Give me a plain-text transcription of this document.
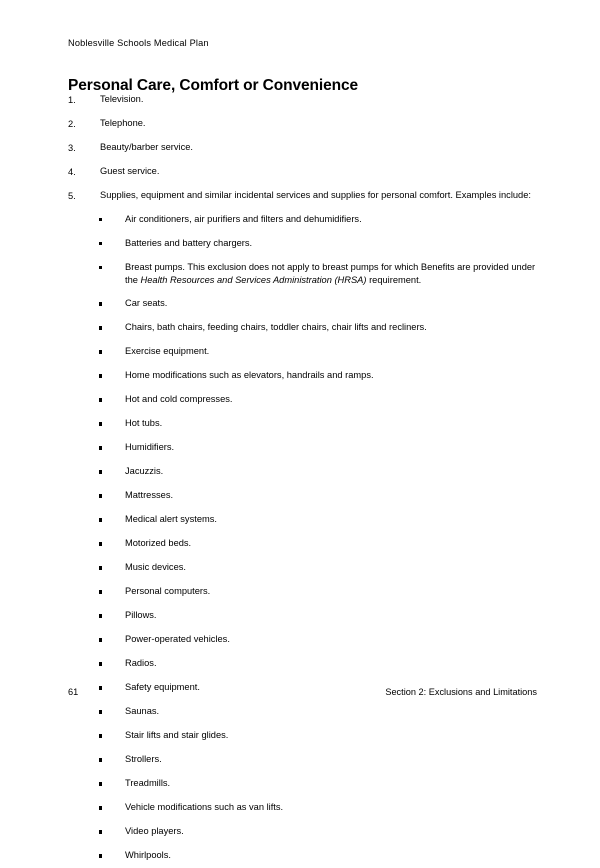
Noblesville Schools Medical Plan
Personal Care, Comfort or Convenience
1.	Television.
2.	Telephone.
3.	Beauty/barber service.
4.	Guest service.
5.	Supplies, equipment and similar incidental services and supplies for personal comfort. Examples include:
Air conditioners, air purifiers and filters and dehumidifiers.
Batteries and battery chargers.
Breast pumps. This exclusion does not apply to breast pumps for which Benefits are provided under the Health Resources and Services Administration (HRSA) requirement.
Car seats.
Chairs, bath chairs, feeding chairs, toddler chairs, chair lifts and recliners.
Exercise equipment.
Home modifications such as elevators, handrails and ramps.
Hot and cold compresses.
Hot tubs.
Humidifiers.
Jacuzzis.
Mattresses.
Medical alert systems.
Motorized beds.
Music devices.
Personal computers.
Pillows.
Power-operated vehicles.
Radios.
Safety equipment.
Saunas.
Stair lifts and stair glides.
Strollers.
Treadmills.
Vehicle modifications such as van lifts.
Video players.
Whirlpools.
61	Section 2: Exclusions and Limitations
